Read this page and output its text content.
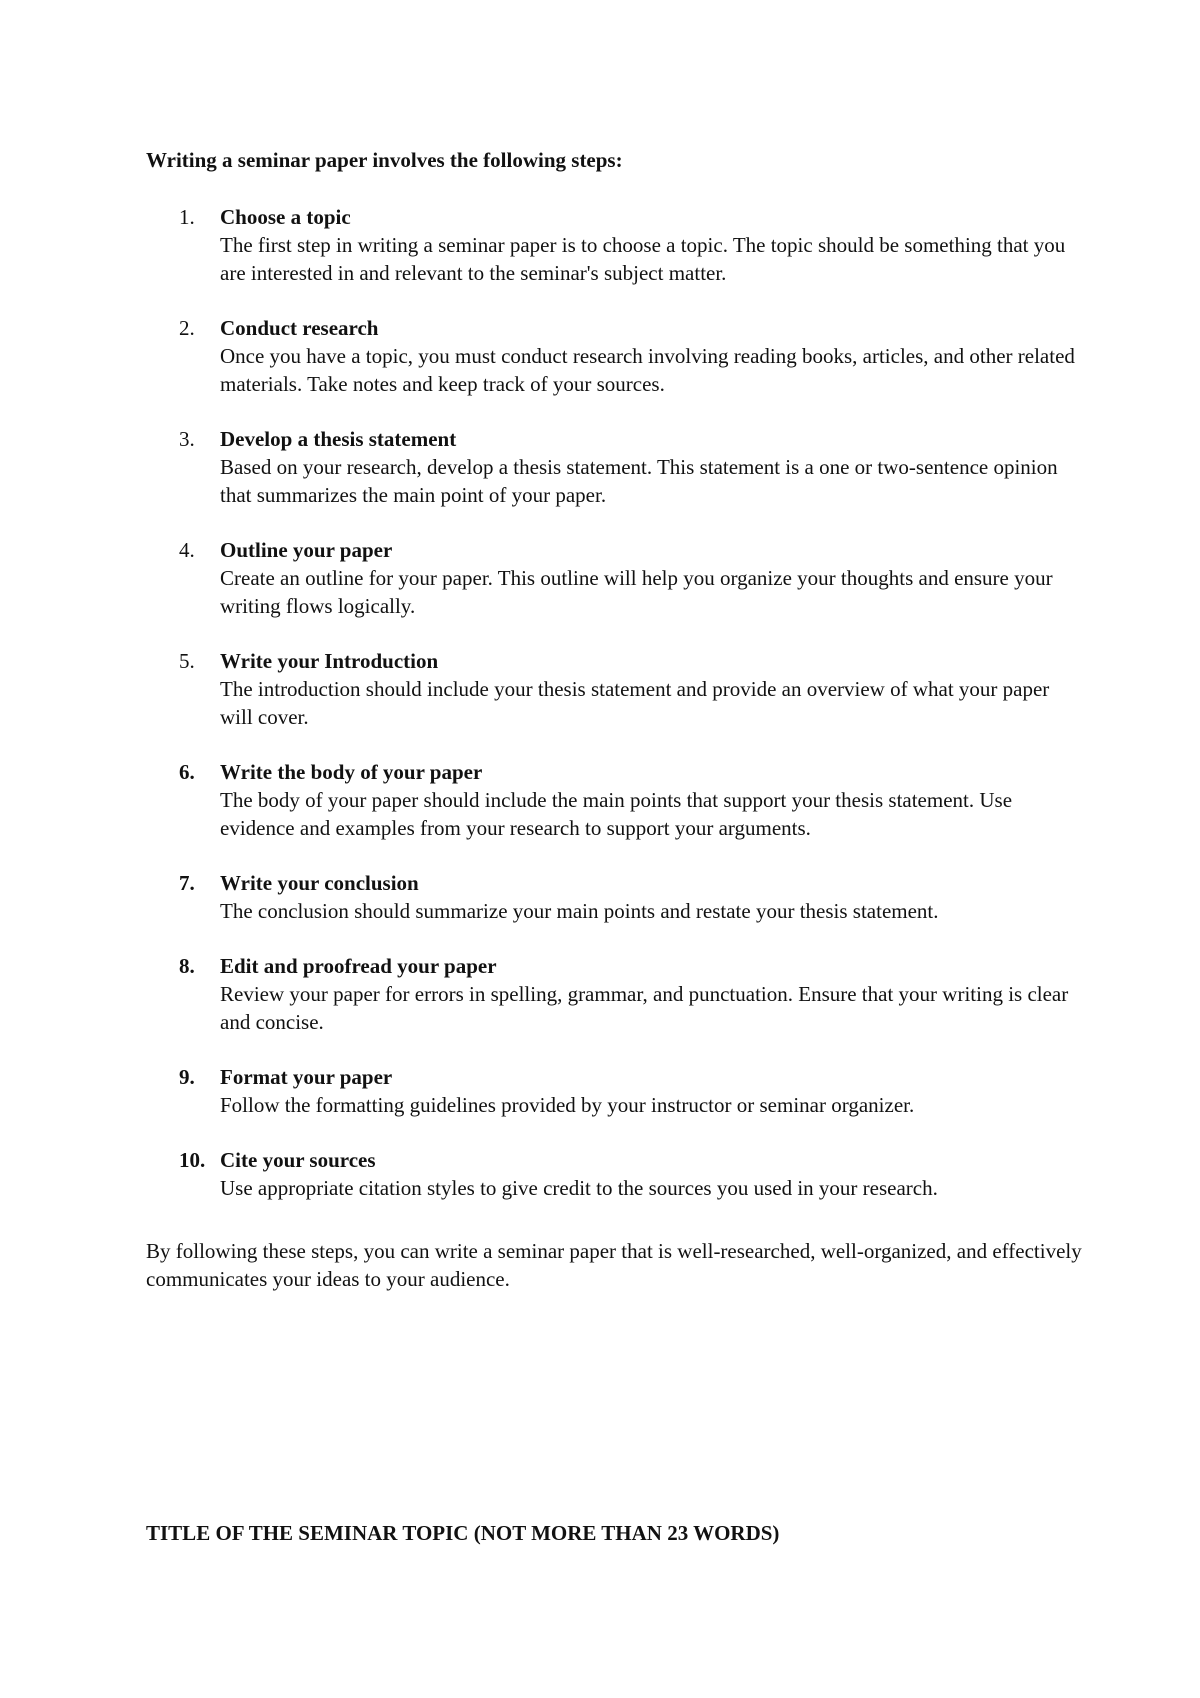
Writing a seminar paper involves the following steps:

1.	Choose a topic
The first step in writing a seminar paper is to choose a topic. The topic should be something that you are interested in and relevant to the seminar's subject matter.
2.	Conduct research
Once you have a topic, you must conduct research involving reading books, articles, and other related materials. Take notes and keep track of your sources.
3.	Develop a thesis statement
Based on your research, develop a thesis statement. This statement is a one or two-sentence opinion that summarizes the main point of your paper.
4.	Outline your paper
Create an outline for your paper. This outline will help you organize your thoughts and ensure your writing flows logically.
5.	Write your Introduction
The introduction should include your thesis statement and provide an overview of what your paper will cover.
6.	Write the body of your paper
The body of your paper should include the main points that support your thesis statement. Use evidence and examples from your research to support your arguments.
7.	Write your conclusion
The conclusion should summarize your main points and restate your thesis statement.
8.	Edit and proofread your paper
Review your paper for errors in spelling, grammar, and punctuation. Ensure that your writing is clear and concise.
9.	Format your paper
Follow the formatting guidelines provided by your instructor or seminar organizer.
10. Cite your sources
Use appropriate citation styles to give credit to the sources you used in your research.

By following these steps, you can write a seminar paper that is well-researched, well-organized, and effectively communicates your ideas to your audience.

TITLE OF THE SEMINAR TOPIC (NOT MORE THAN 23 WORDS)
